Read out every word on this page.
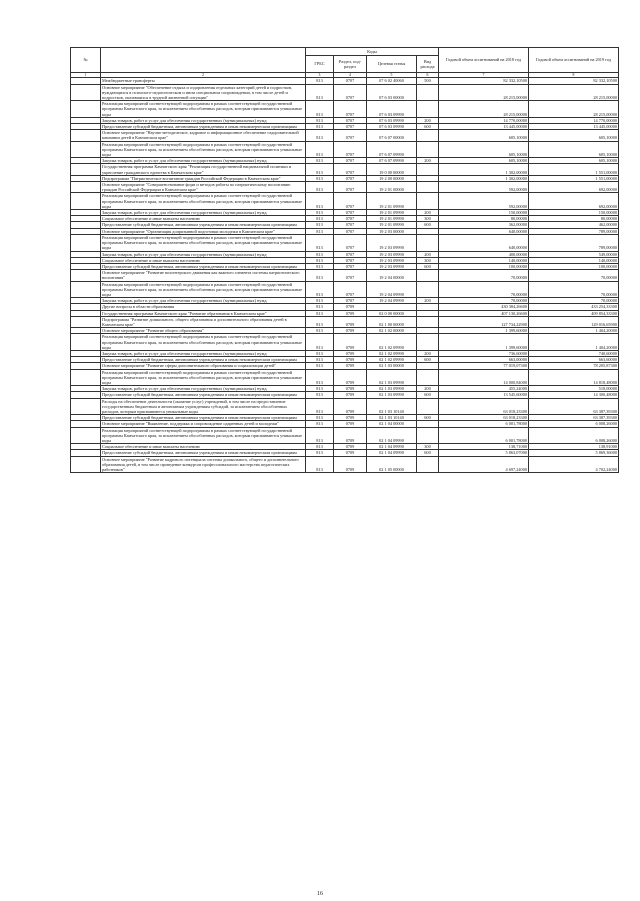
№		Коды				Годовой объем ассигнований на 2018 год	Годовой объем ассигнований на 2019 год
		ГРБС	Раздел, под-раздел	Целевая статья	Вид расхода		
1	2	3	4	5	6	7	8
	Межбюджетные трансферты	813	0707	07 6 02 40060	500	82 332,10500	82 332,10500
	Основное мероприятие "Обеспечение отдыха и оздоровления отдельных категорий детей и подростков, нуждающихся в психолого-педагогическом и ином специальном сопровождении, в том числе детей и подростков, оказавшихся в трудной жизненной ситуации"	813	0707	07 6 03 00000		28 215,00000	28 215,00000
	Реализация мероприятий соответствующей подпрограммы в рамках соответствующей государственной программы Камчатского края, за исключением обособленных расходов, которым присваиваются уникальные коды	813	0707	07 6 03 09990		28 215,00000	28 215,00000
	Закупка товаров, работ и услуг для обеспечения государственных (муниципальных) нужд	813	0707	07 6 03 09990	200	14 770,00000	14 770,00000
	Предоставление субсидий бюджетным, автономным учреждениям и иным некоммерческим организациям	813	0707	07 6 03 09990	600	13 445,00000	13 445,00000
	Основное мероприятие "Научно-методическое, кадровое и информационное обеспечение оздоровительной кампании детей в Камчатском крае"	813	0707	07 6 07 00000		605,10000	605,10000
	Реализация мероприятий соответствующей подпрограммы в рамках соответствующей государственной программы Камчатского края, за исключением обособленных расходов, которым присваиваются уникальные коды	813	0707	07 6 07 09990		605,10000	605,10000
	Закупка товаров, работ и услуг для обеспечения государственных (муниципальных) нужд	813	0707	07 6 07 09990	200	605,10000	605,10000
	Государственная программа Камчатского края "Реализация государственной национальной политики и укрепление гражданского единства в Камчатском крае"	813	0707	19 0 00 00000		1 302,00000	1 551,00000
	Подпрограмма "Патриотическое воспитание граждан Российской Федерации в Камчатском крае"	813	0707	19 2 00 00000		1 302,00000	1 551,00000
	Основное мероприятие "Совершенствование форм и методов работы по патриотическому воспитанию граждан Российской Федерации в Камчатском крае"	813	0707	19 2 01 00000		592,00000	692,00000
	Реализация мероприятий соответствующей подпрограммы в рамках соответствующей государственной программы Камчатского края, за исключением обособленных расходов, которым присваиваются уникальные коды	813	0707	19 2 01 09990		592,00000	692,00000
	Закупка товаров, работ и услуг для обеспечения государственных (муниципальных) нужд	813	0707	19 2 01 09990	200	150,00000	150,00000
	Социальное обеспечение и иные выплаты населению	813	0707	19 2 01 09990	300	80,00000	80,00000
	Предоставление субсидий бюджетным, автономным учреждениям и иным некоммерческим организациям	813	0707	19 2 01 09990	600	362,00000	462,00000
	Основное мероприятие "Организация допризывной подготовки молодежи в Камчатском крае"	813	0707	19 2 03 00000		640,00000	789,00000
	Реализация мероприятий соответствующей подпрограммы в рамках соответствующей государственной программы Камчатского края, за исключением обособленных расходов, которым присваиваются уникальные коды	813	0707	19 2 03 09990		640,00000	789,00000
	Закупка товаров, работ и услуг для обеспечения государственных (муниципальных) нужд	813	0707	19 2 03 09990	200	400,00000	549,00000
	Социальное обеспечение и иные выплаты населению	813	0707	19 2 03 09990	300	140,00000	140,00000
	Предоставление субсидий бюджетным, автономным учреждениям и иным некоммерческим организациям	813	0707	19 2 03 09990	600	100,00000	100,00000
	Основное мероприятие "Развитие волонтерского движения как важного элемента системы патриотического воспитания"	813	0707	19 2 04 00000		70,00000	70,00000
	Реализация мероприятий соответствующей подпрограммы в рамках соответствующей государственной программы Камчатского края, за исключением обособленных расходов, которым присваиваются уникальные коды	813	0707	19 2 04 09990		70,00000	70,00000
	Закупка товаров, работ и услуг для обеспечения государственных (муниципальных) нужд	813	0707	19 2 04 09990	200	70,00000	70,00000
	Другие вопросы в области образования	813	0709			430 384,26600	433 254,33300
	Государственная программа Камчатского края "Развитие образования в Камчатском крае"	813	0709	02 0 00 00000		407 130,26600	409 854,33300
	Подпрограмма "Развитие дошкольного, общего образования и дополнительного образования детей в Камчатском крае"	813	0709	02 1 00 00000		127 734,22900	129 016,65900
	Основное мероприятие "Развитие общего образования"	813	0709	02 1 02 00000		1 399,60000	1 404,20000
	Реализация мероприятий соответствующей подпрограммы в рамках соответствующей государственной программы Камчатского края, за исключением обособленных расходов, которым присваиваются уникальные коды	813	0709	02 1 02 09990		1 399,60000	1 404,20000
	Закупка товаров, работ и услуг для обеспечения государственных (муниципальных) нужд	813	0709	02 1 02 09990	200	736,60000	740,60000
	Предоставление субсидий бюджетным, автономным учреждениям и иным некоммерческим организациям	813	0709	02 1 02 09990	600	663,00000	663,60000
	Основное мероприятие "Развитие сферы дополнительного образования и социализации детей"	813	0709	02 1 03 00000		77 019,07300	78 205,87300
	Реализация мероприятий соответствующей подпрограммы в рамках соответствующей государственной программы Камчатского края, за исключением обособленных расходов, которым присваиваются уникальные коды	813	0709	02 1 03 09990		14 000,84000	14 818,48000
	Закупка товаров, работ и услуг для обеспечения государственных (муниципальных) нужд	813	0709	02 1 03 09990	200	455,24000	518,00000
	Предоставление субсидий бюджетным, автономным учреждениям и иным некоммерческим организациям	813	0709	02 1 03 09990	600	13 545,60000	14 300,48000
	Расходы на обеспечение деятельности (оказание услуг) учреждений, в том числе на предоставление государственным бюджетным и автономным учреждениям субсидий, за исключением обособленных расходов, которым присваиваются уникальные коды	813	0709	02 1 03 10140		63 018,23300	63 387,39300
	Предоставление субсидий бюджетным, автономным учреждениям и иным некоммерческим организациям	813	0709	02 1 03 10140	600	63 018,23300	63 387,39300
	Основное мероприятие "Выявление, поддержка и сопровождение одаренных детей и молодежи"	813	0709	02 1 04 00000		6 001,78000	6 008,26000
	Реализация мероприятий соответствующей подпрограммы в рамках соответствующей государственной программы Камчатского края, за исключением обособленных расходов, которым присваиваются уникальные коды	813	0709	02 1 04 09990		6 001,78000	6 008,26000
	Социальное обеспечение и иные выплаты населению	813	0709	02 1 04 09990	300	138,71000	138,91000
	Предоставление субсидий бюджетным, автономным учреждениям и иным некоммерческим организациям	813	0709	02 1 04 09990	600	5 863,07000	5 869,36000
	Основное мероприятие "Развитие кадрового потенциала системы дошкольного, общего и дополнительного образования детей, в том числе проведение конкурсов профессионального мастерства педагогических работников"	813	0709	02 1 05 00000		4 697,24000	4 702,24000
16
